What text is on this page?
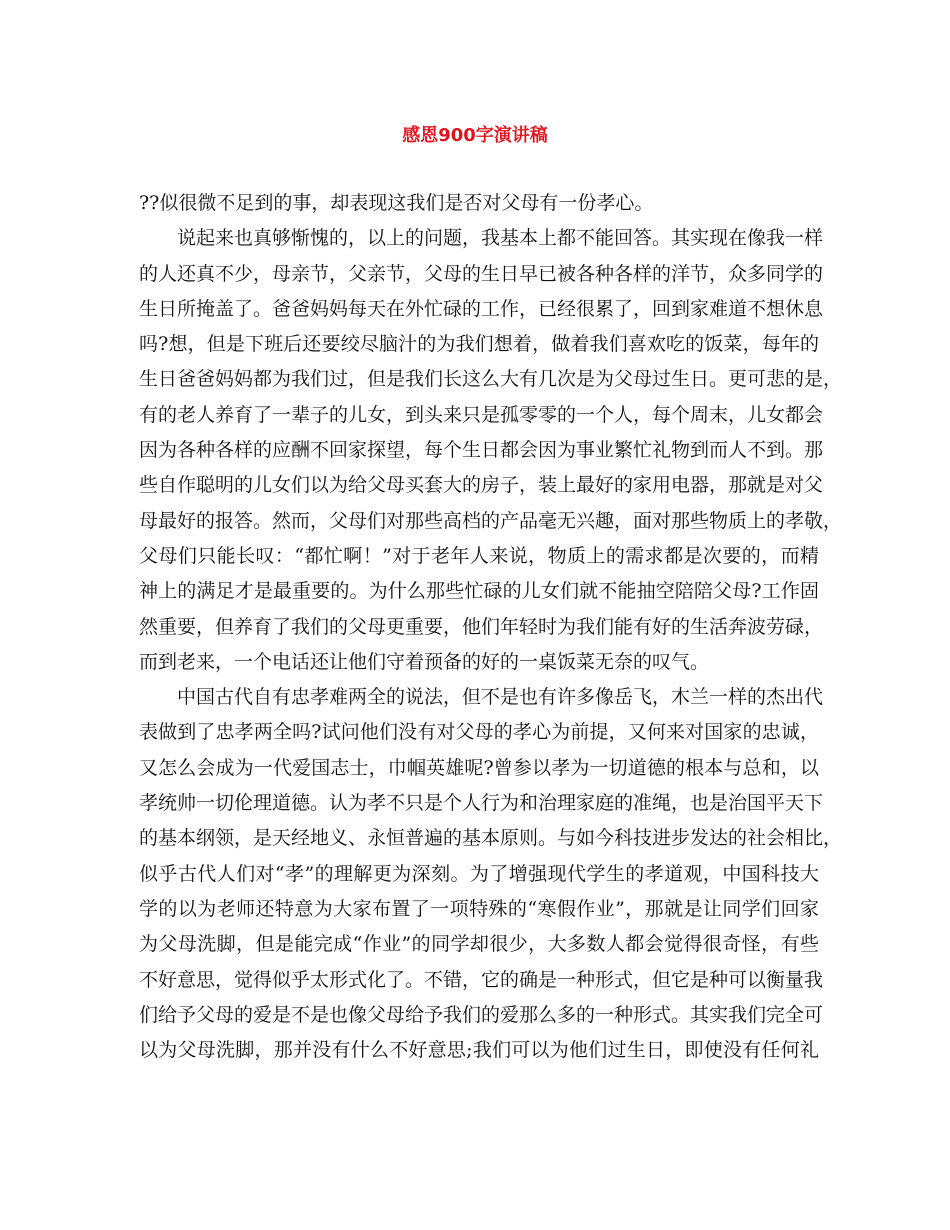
感恩900字演讲稿
??似很微不足到的事，却表现这我们是否对父母有一份孝心。
说起来也真够惭愧的，以上的问题，我基本上都不能回答。其实现在像我一样
的人还真不少，母亲节，父亲节，父母的生日早已被各种各样的洋节，众多同学的
生日所掩盖了。爸爸妈妈每天在外忙碌的工作，已经很累了，回到家难道不想休息
吗?想，但是下班后还要绞尽脑汁的为我们想着，做着我们喜欢吃的饭菜，每年的
生日爸爸妈妈都为我们过，但是我们长这么大有几次是为父母过生日。更可悲的是，
有的老人养育了一辈子的儿女，到头来只是孤零零的一个人，每个周末，儿女都会
因为各种各样的应酬不回家探望，每个生日都会因为事业繁忙礼物到而人不到。那
些自作聪明的儿女们以为给父母买套大的房子，装上最好的家用电器，那就是对父
母最好的报答。然而，父母们对那些高档的产品毫无兴趣，面对那些物质上的孝敬，
父母们只能长叹：“都忙啊！”对于老年人来说，物质上的需求都是次要的，而精
神上的满足才是最重要的。为什么那些忙碌的儿女们就不能抽空陪陪父母?工作固
然重要，但养育了我们的父母更重要，他们年轻时为我们能有好的生活奔波劳碌，
而到老来，一个电话还让他们守着预备的好的一桌饭菜无奈的叹气。
中国古代自有忠孝难两全的说法，但不是也有许多像岳飞，木兰一样的杰出代
表做到了忠孝两全吗?试问他们没有对父母的孝心为前提，又何来对国家的忠诚，
又怎么会成为一代爱国志士，巾帼英雄呢?曾参以孝为一切道德的根本与总和，以
孝统帅一切伦理道德。认为孝不只是个人行为和治理家庭的准绳，也是治国平天下
的基本纲领，是天经地义、永恒普遍的基本原则。与如今科技进步发达的社会相比，
似乎古代人们对“孝”的理解更为深刻。为了增强现代学生的孝道观，中国科技大
学的以为老师还特意为大家布置了一项特殊的“寒假作业”，那就是让同学们回家
为父母洗脚，但是能完成“作业”的同学却很少，大多数人都会觉得很奇怪，有些
不好意思，觉得似乎太形式化了。不错，它的确是一种形式，但它是种可以衡量我
们给予父母的爱是不是也像父母给予我们的爱那么多的一种形式。其实我们完全可
以为父母洗脚，那并没有什么不好意思;我们可以为他们过生日，即使没有任何礼
